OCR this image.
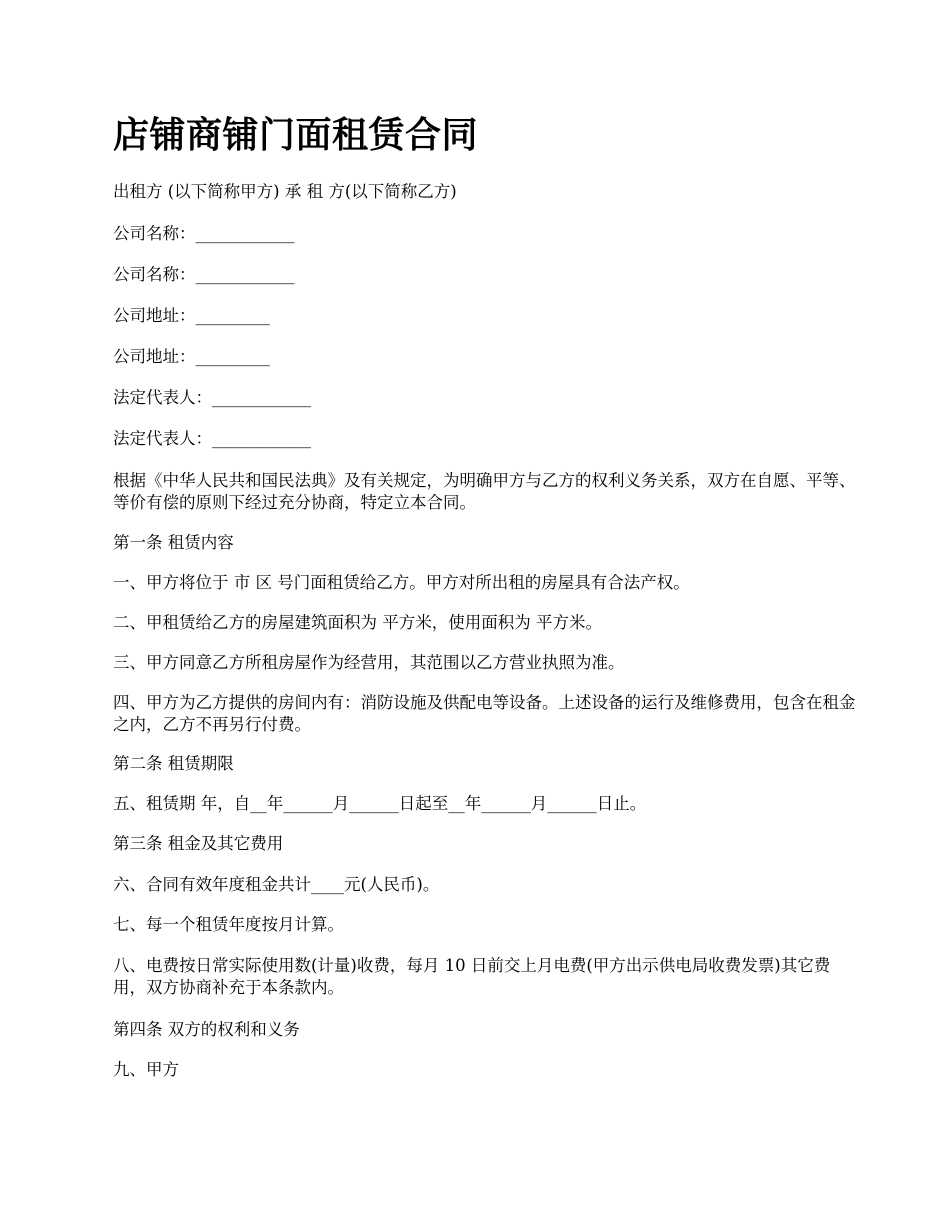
店铺商铺门面租赁合同

出租方 (以下简称甲方) 承 租 方(以下简称乙方)

公司名称：____________

公司名称：____________

公司地址：_________

公司地址：_________

法定代表人：____________

法定代表人：____________

根据《中华人民共和国民法典》及有关规定，为明确甲方与乙方的权利义务关系，双方在自愿、平等、等价有偿的原则下经过充分协商，特定立本合同。

第一条 租赁内容

一、甲方将位于 市 区 号门面租赁给乙方。甲方对所出租的房屋具有合法产权。

二、甲租赁给乙方的房屋建筑面积为 平方米，使用面积为 平方米。

三、甲方同意乙方所租房屋作为经营用，其范围以乙方营业执照为准。

四、甲方为乙方提供的房间内有：消防设施及供配电等设备。上述设备的运行及维修费用，包含在租金之内，乙方不再另行付费。

第二条 租赁期限

五、租赁期 年，自__年______月______日起至__年______月______日止。

第三条 租金及其它费用

六、合同有效年度租金共计____元(人民币)。

七、每一个租赁年度按月计算。

八、电费按日常实际使用数(计量)收费，每月 10 日前交上月电费(甲方出示供电局收费发票)其它费用，双方协商补充于本条款内。

第四条 双方的权利和义务

九、甲方
